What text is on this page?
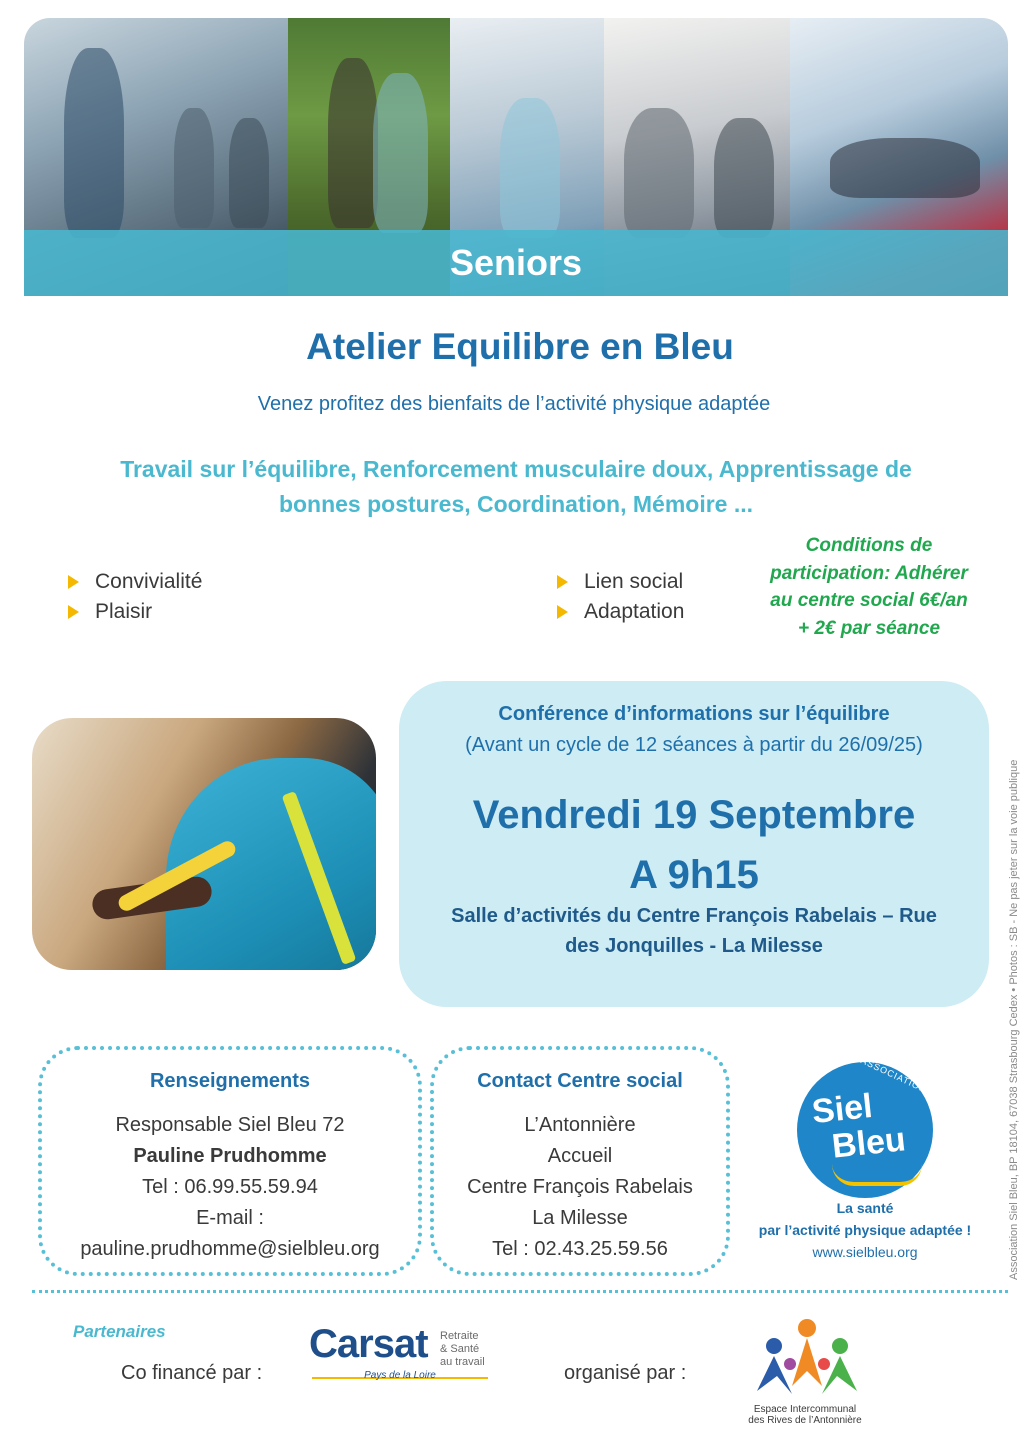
Seniors
Atelier Equilibre en Bleu
Venez profitez des bienfaits de l’activité physique adaptée
Travail sur l’équilibre, Renforcement musculaire doux, Apprentissage de
bonnes postures, Coordination, Mémoire ...
Convivialité
Plaisir
Lien social
Adaptation
Conditions de
participation: Adhérer
au centre social 6€/an
+ 2€ par séance
Conférence d’informations sur l’équilibre
(Avant un cycle de 12 séances à partir du 26/09/25)
Vendredi 19 Septembre
A 9h15
Salle d’activités du Centre François Rabelais – Rue
des Jonquilles - La Milesse	Association Siel Bleu, BP 18104, 67038 Strasbourg Cedex • Photos : SB - Ne pas jeter sur la voie publique
Renseignements
Responsable Siel Bleu 72
Pauline Prudhomme
Tel : 06.99.55.59.94
E-mail :
pauline.prudhomme@sielbleu.org
Contact Centre social
L’Antonnière
Accueil
Centre François Rabelais
La Milesse
Tel : 02.43.25.59.56
ASSOCIATION
Siel
Bleu
La santé
par l’activité physique adaptée !
www.sielbleu.org
Partenaires
Co financé par :
Carsat Retraite
& Santé
au travail
Pays de la Loire	organisé par :
Espace Intercommunal
des Rives de l’Antonnière
